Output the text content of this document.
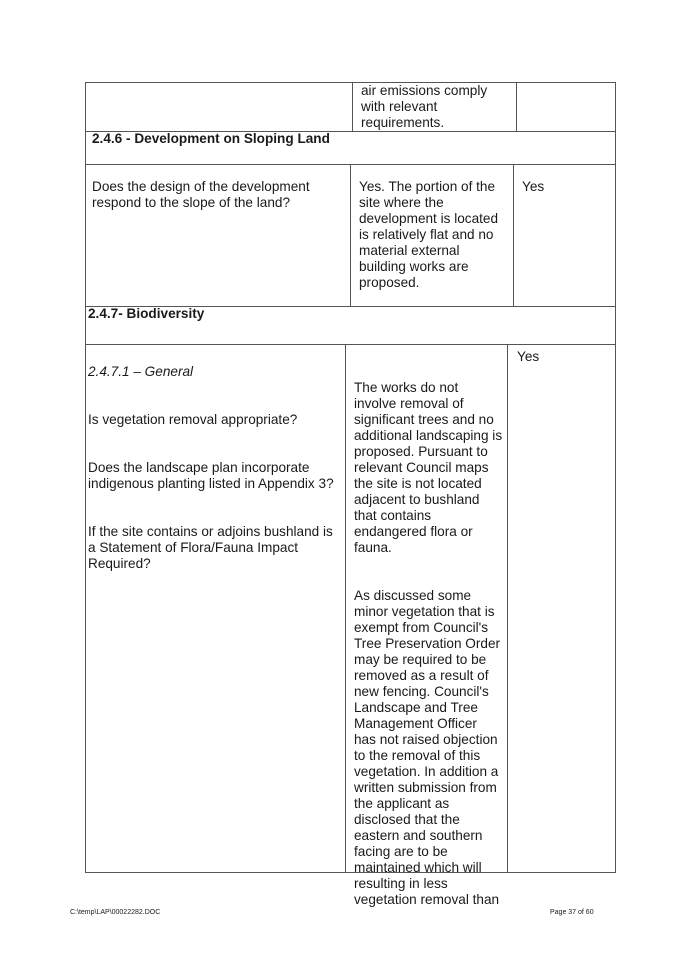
air emissions comply
with relevant
requirements.
2.4.6 - Development on Sloping Land
Does the design of the development
respond to the slope of the land?
Yes. The portion of the
site where the
development is located
is relatively flat and no
material external
building works are
proposed.
Yes
2.4.7- Biodiversity

2.4.7.1 – General

Is vegetation removal appropriate?

Does the landscape plan incorporate
indigenous planting listed in Appendix 3?

If the site contains or adjoins bushland is
a Statement of Flora/Fauna Impact
Required?

The works do not
involve removal of
significant trees and no
additional landscaping is
proposed. Pursuant to
relevant Council maps
the site is not located
adjacent to bushland
that contains
endangered flora or
fauna.

As discussed some
minor vegetation that is
exempt from Council's
Tree Preservation Order
may be required to be
removed as a result of
new fencing. Council's
Landscape and Tree
Management Officer
has not raised objection
to the removal of this
vegetation. In addition a
written submission from
the applicant as
disclosed that the
eastern and southern
facing are to be
maintained which will
resulting in less
vegetation removal than

Yes
C:\temp\LAP\00022282.DOC	Page 37 of 60
